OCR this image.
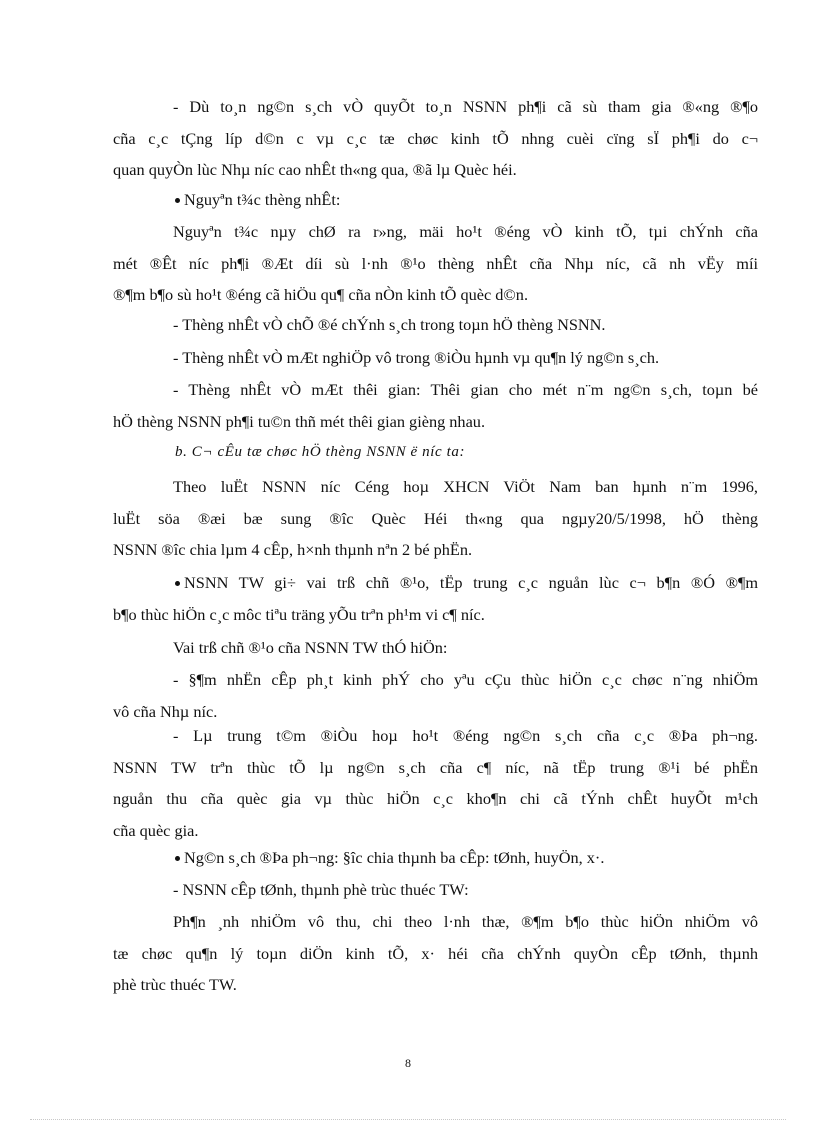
- Dù to¸n ng©n s¸ch vÒ quyÕt to¸n NSNN ph¶i cã sù tham gia ®«ng ®¶o
cña c¸c tÇng líp d©n c vµ c¸c tæ chøc kinh tÕ nhng cuèi cïng sÏ ph¶i do c¬
quan quyÒn lùc Nhµ níc cao nhÊt th«ng qua, ®ã lµ Quèc héi.
Nguyªn t¾c thèng nhÊt:
Nguyªn t¾c nµy chØ ra r»ng, mäi ho¹t ®éng vÒ kinh tÕ, tµi chÝnh cña
mét ®Êt níc ph¶i ®Æt díi sù l·nh ®¹o thèng nhÊt cña Nhµ níc, cã nh vËy míi
®¶m b¶o sù ho¹t ®éng cã hiÖu qu¶ cña nÒn kinh tÕ quèc d©n.
- Thèng nhÊt vÒ chÕ ®é chÝnh s¸ch trong toµn hÖ thèng NSNN.
- Thèng nhÊt vÒ mÆt nghiÖp vô trong ®iÒu hµnh vµ qu¶n lý ng©n s¸ch.
- Thèng nhÊt vÒ mÆt thêi gian: Thêi gian cho mét n¨m ng©n s¸ch, toµn bé
hÖ thèng NSNN ph¶i tu©n thñ mét thêi gian gièng nhau.
b. C¬ cÊu tæ chøc hÖ thèng NSNN ë níc ta:
Theo luËt NSNN níc Céng hoµ XHCN ViÖt Nam ban hµnh n¨m 1996,
luËt söa ®æi bæ sung ®îc Quèc Héi th«ng qua ngµy20/5/1998, hÖ thèng
NSNN ®îc chia lµm 4 cÊp, h×nh thµnh nªn 2 bé phËn.
NSNN TW gi÷ vai trß chñ ®¹o, tËp trung c¸c nguån lùc c¬ b¶n ®Ó ®¶m
b¶o thùc hiÖn c¸c môc tiªu träng yÕu trªn ph¹m vi c¶ níc.
Vai trß chñ ®¹o cña NSNN TW thÓ hiÖn:
- §¶m nhËn cÊp ph¸t kinh phÝ cho yªu cÇu thùc hiÖn c¸c chøc n¨ng nhiÖm
vô cña Nhµ níc.
- Lµ trung t©m ®iÒu hoµ ho¹t ®éng ng©n s¸ch cña c¸c ®Þa ph¬ng.
NSNN TW trªn thùc tÕ lµ ng©n s¸ch cña c¶ níc, nã tËp trung ®¹i bé phËn
nguån thu cña quèc gia vµ thùc hiÖn c¸c kho¶n chi cã tÝnh chÊt huyÕt m¹ch
cña quèc gia.
Ng©n s¸ch ®Þa ph¬ng: §îc chia thµnh ba cÊp: tØnh, huyÖn, x·.
- NSNN cÊp tØnh, thµnh phè trùc thuéc TW:
Ph¶n ¸nh nhiÖm vô thu, chi theo l·nh thæ, ®¶m b¶o thùc hiÖn nhiÖm vô
tæ chøc qu¶n lý toµn diÖn kinh tÕ, x· héi cña chÝnh quyÒn cÊp tØnh, thµnh
phè trùc thuéc TW.
8
